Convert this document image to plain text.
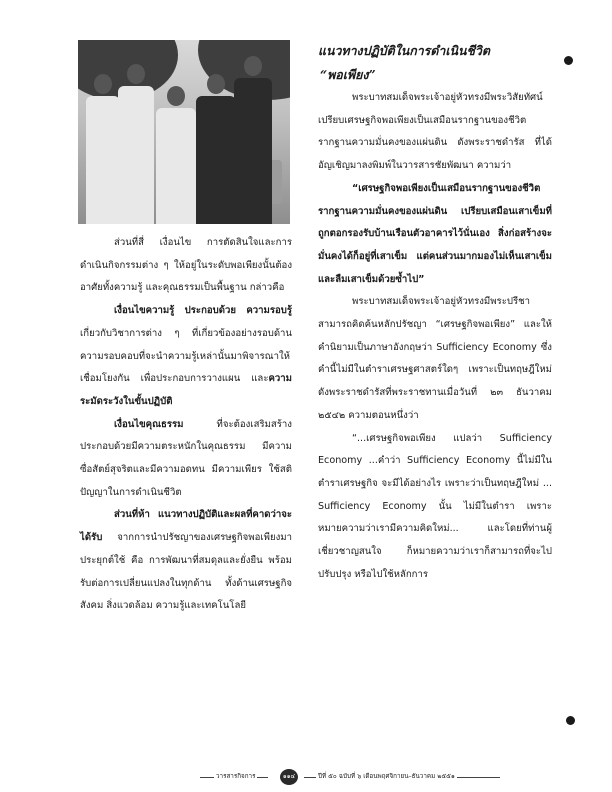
ส่วนที่สี่ เงื่อนไข การตัดสินใจและการดำเนินกิจกรรมต่าง ๆ ให้อยู่ในระดับพอเพียงนั้นต้องอาศัยทั้งความรู้ และคุณธรรมเป็นพื้นฐาน กล่าวคือ

เงื่อนไขความรู้ ประกอบด้วย ความรอบรู้ เกี่ยวกับวิชาการต่าง ๆ ที่เกี่ยวข้องอย่างรอบด้าน ความรอบคอบที่จะนำความรู้เหล่านั้นมาพิจารณาให้เชื่อมโยงกัน เพื่อประกอบการวางแผน และความระมัดระวังในขั้นปฏิบัติ

เงื่อนไขคุณธรรม ที่จะต้องเสริมสร้างประกอบด้วยมีความตระหนักในคุณธรรม มีความซื่อสัตย์สุจริตและมีความอดทน มีความเพียร ใช้สติปัญญาในการดำเนินชีวิต

ส่วนที่ห้า แนวทางปฏิบัติและผลที่คาดว่าจะได้รับ จากการนำปรัชญาของเศรษฐกิจพอเพียงมาประยุกต์ใช้ คือ การพัฒนาที่สมดุลและยั่งยืน พร้อมรับต่อการเปลี่ยนแปลงในทุกด้าน ทั้งด้านเศรษฐกิจ สังคม สิ่งแวดล้อม ความรู้และเทคโนโลยี

แนวทางปฏิบัติในการดำเนินชีวิต

“พอเพียง”

พระบาทสมเด็จพระเจ้าอยู่หัวทรงมีพระวิสัยทัศน์เปรียบเศรษฐกิจพอเพียงเป็นเสมือนรากฐานของชีวิต รากฐานความมั่นคงของแผ่นดิน ดังพระราชดำรัส ที่ได้อัญเชิญมาลงพิมพ์ในวารสารชัยพัฒนา ความว่า

“เศรษฐกิจพอเพียงเป็นเสมือนรากฐานของชีวิต รากฐานความมั่นคงของแผ่นดิน เปรียบเสมือนเสาเข็มที่ถูกตอกรองรับบ้านเรือนตัวอาคารไว้นั่นเอง สิ่งก่อสร้างจะมั่นคงได้ก็อยู่ที่เสาเข็ม แต่คนส่วนมากมองไม่เห็นเสาเข็ม และลืมเสาเข็มด้วยซ้ำไป”

พระบาทสมเด็จพระเจ้าอยู่หัวทรงมีพระปรีชาสามารถคิดค้นหลักปรัชญา “เศรษฐกิจพอเพียง” และให้คำนิยามเป็นภาษาอังกฤษว่า Sufficiency Economy ซึ่งคำนี้ไม่มีในตำราเศรษฐศาสตร์ใดๆ เพราะเป็นทฤษฎีใหม่ ดังพระราชดำรัสที่พระราชทานเมื่อวันที่ ๒๓ ธันวาคม ๒๕๔๒ ความตอนหนึ่งว่า

“...เศรษฐกิจพอเพียง แปลว่า Sufficiency Economy ...คำว่า Sufficiency Economy นี้ไม่มีในตำราเศรษฐกิจ จะมีได้อย่างไร เพราะว่าเป็นทฤษฎีใหม่ ... Sufficiency Economy นั้น ไม่มีในตำรา เพราะหมายความว่าเรามีความคิดใหม่... และโดยที่ท่านผู้เชี่ยวชาญสนใจ ก็หมายความว่าเราก็สามารถที่จะไปปรับปรุง หรือไปใช้หลักการ

วารสารกิจการ	๑๑๔	ปีที่ ๕๐ ฉบับที่ ๖ เดือนพฤศจิกายน–ธันวาคม ๒๕๕๑
